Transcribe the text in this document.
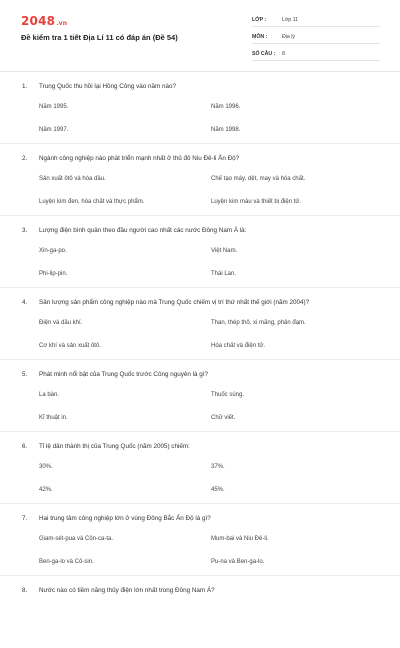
2048.vn
Đề kiểm tra 1 tiết Địa Lí 11 có đáp án (Đề 54)
LỚP :	Lớp 11
MÔN :	Địa lý
SỐ CÂU :	8
1.	Trung Quốc thu hồi lại Hồng Công vào năm nào?
Năm 1995.	Năm 1996.
Năm 1997.	Năm 1998.
2.	Ngành công nghiệp nào phát triển mạnh nhất ở thủ đô Niu Đê-li Ấn Độ?
Sản xuất ôtô và hóa dầu.	Chế tạo máy, dệt, may và hóa chất.
Luyện kim đen, hóa chất và thực phẩm.	Luyện kim màu và thiết bị điện tử.
3.	Lượng điện bình quân theo đầu người cao nhất các nước Đông Nam Á là:
Xin-ga-po.	Việt Nam.
Phi-lip-pin.	Thái Lan.
4.	Sản lượng sản phẩm công nghiệp nào mà Trung Quốc chiếm vị trí thứ nhất thế giới (năm 2004)?
Điện và dầu khí.	Than, thép thô, xi măng, phân đạm.
Cơ khí và sản xuất ôtô.	Hóa chất và điện tử.
5.	Phát minh nổi bật của Trung Quốc trước Công nguyên là gì?
La bàn.	Thuốc súng.
Kĩ thuật in.	Chữ viết.
6.	Tỉ lệ dân thành thị của Trung Quốc (năm 2005) chiếm:
30%.	37%.
42%.	45%.
7.	Hai trung tâm công nghiệp lớn ở vùng Đông Bắc Ấn Độ là gì?
Giam-sét-pua và Côn-ca-ta.	Mum-bai và Niu Đê-li.
Ben-ga-lo và Cô-sin.	Pu-na và Ben-ga-lo.
8.	Nước nào có tiềm năng thủy điện lớn nhất trong Đông Nam Á?
